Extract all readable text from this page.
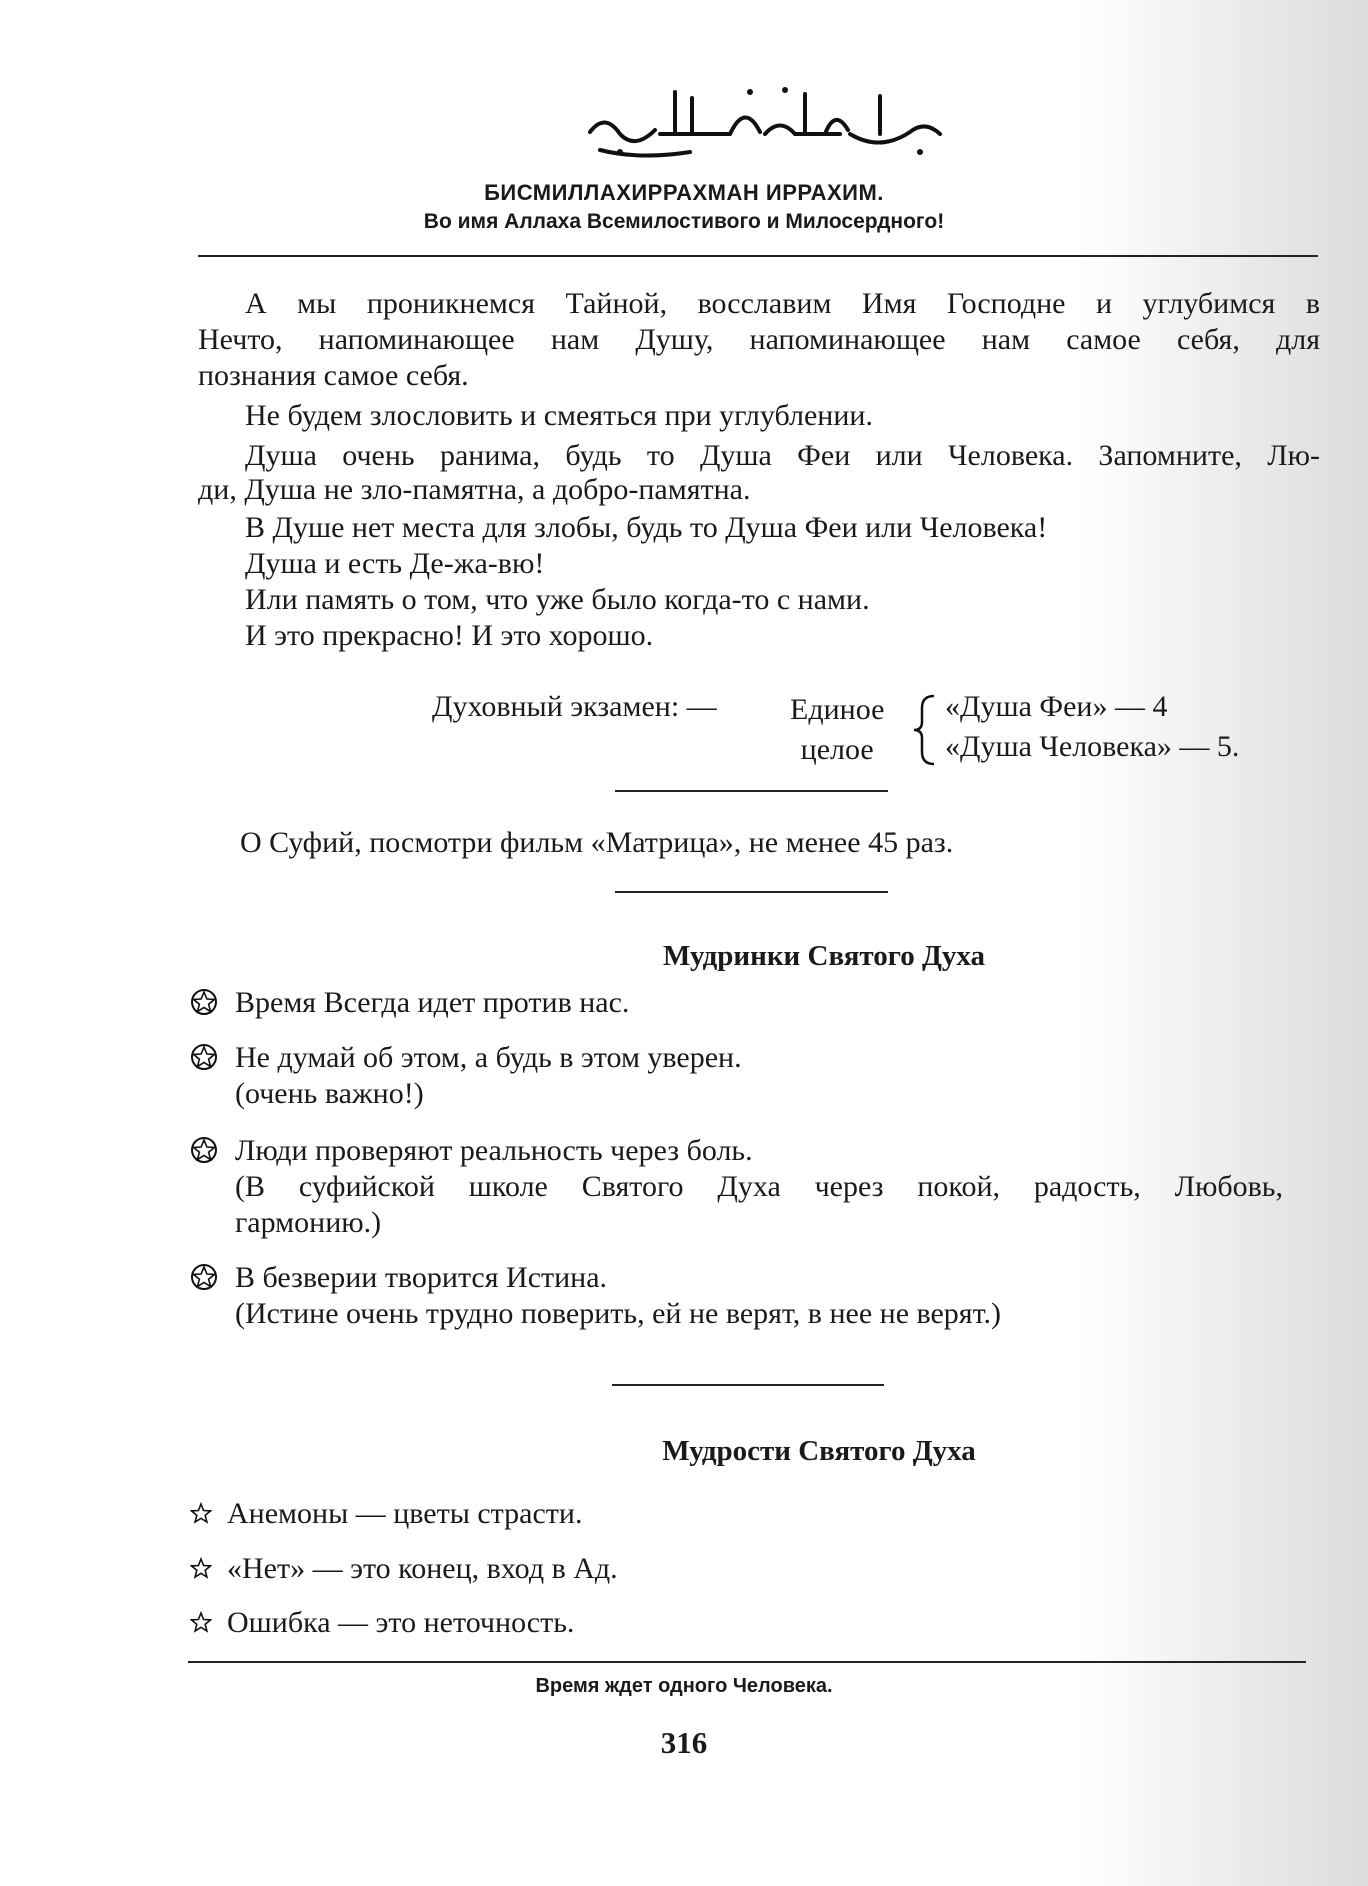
БИСМИЛЛАХИРРАХМАН ИРРАХИМ.
Во имя Аллаха Всемилостивого и Милосердного!
А мы проникнемся Тайной, восславим Имя Господне и углубимся в
Нечто, напоминающее нам Душу, напоминающее нам самое себя, для
познания самое себя.
Не будем злословить и смеяться при углублении.
Душа очень ранима, будь то Душа Феи или Человека. Запомните, Лю-
ди, Душа не зло-памятна, а добро-памятна.
В Душе нет места для злобы, будь то Душа Феи или Человека!
Душа и есть Де-жа-вю!
Или память о том, что уже было когда-то с нами.
И это прекрасно! И это хорошо.
Духовный экзамен: — Единое
целое
«Душа Феи» — 4
«Душа Человека» — 5.
О Суфий, посмотри фильм «Матрица», не менее 45 раз.
Мудринки Святого Духа
Время Всегда идет против нас.
Не думай об этом, а будь в этом уверен.
(очень важно!)
Люди проверяют реальность через боль.
(В суфийской школе Святого Духа через покой, радость, Любовь,
гармонию.)
В безверии творится Истина.
(Истине очень трудно поверить, ей не верят, в нее не верят.)
Мудрости Святого Духа
Анемоны — цветы страсти.
«Нет» — это конец, вход в Ад.
Ошибка — это неточность.
Время ждет одного Человека.
316
